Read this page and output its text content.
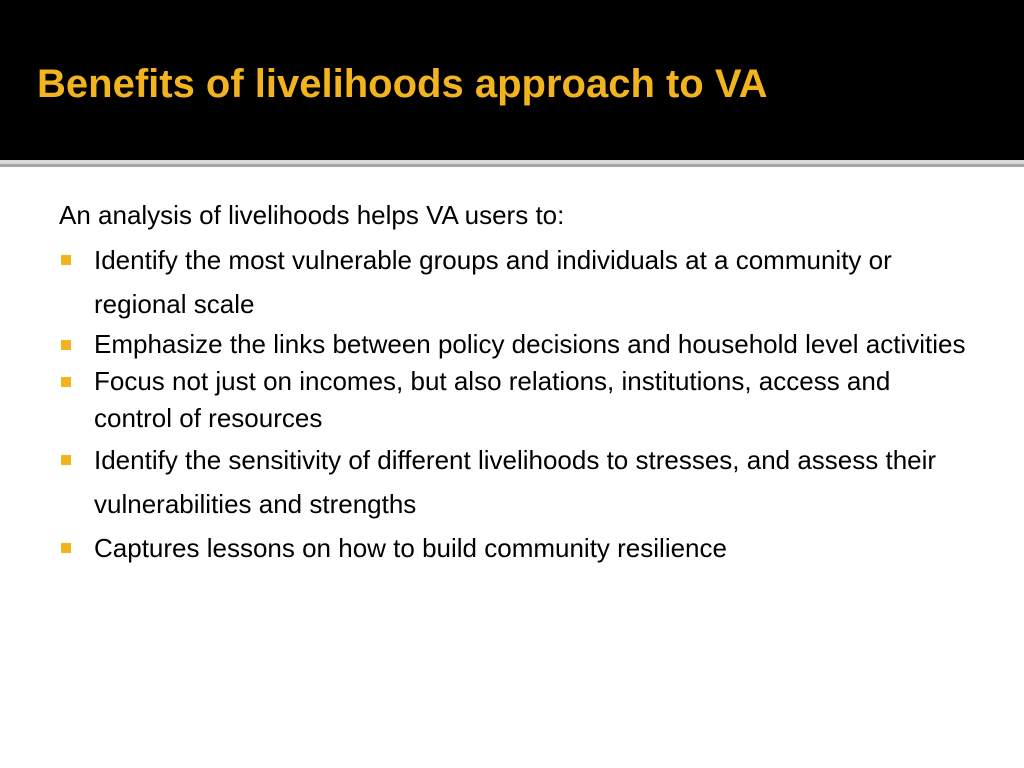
Benefits of livelihoods approach to VA

An analysis of livelihoods helps VA users to:

Identify the most vulnerable groups and individuals at a community or regional scale
Emphasize the links between policy decisions and household level activities
Focus not just on incomes, but also relations, institutions, access and control of resources
Identify the sensitivity of different livelihoods to stresses, and assess their vulnerabilities and strengths
Captures lessons on how to build community resilience
